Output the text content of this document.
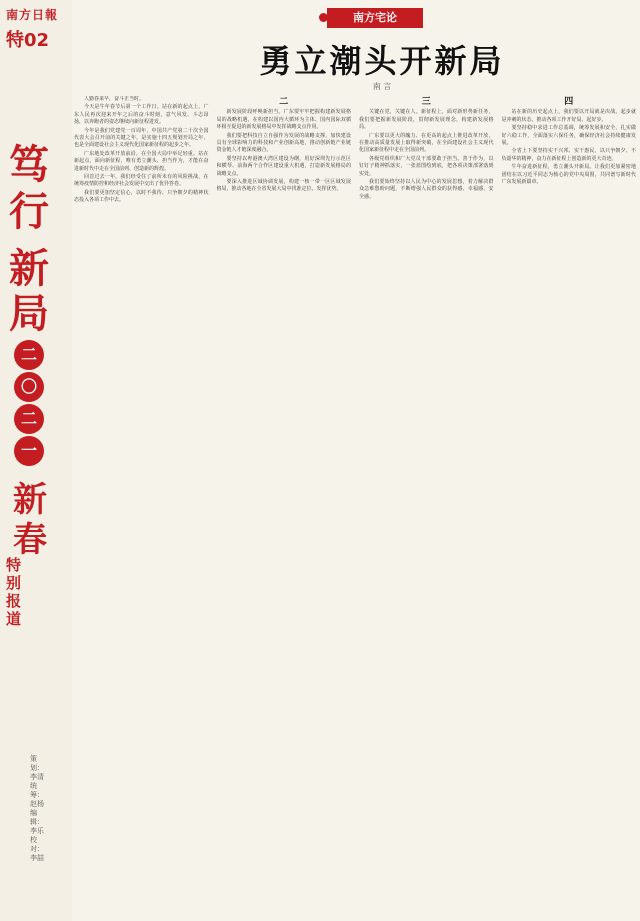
南方日報
特02
笃
行
新
局
二
〇
二
一
新
春
特别报道
策划：李清 统筹：赵杨 编辑：李乐 校对：李喆
南方宅论
勇立潮头开新局
南 言

人勤春来早，奋斗正当时。

今天是牛年春节后第一个工作日。站在新的起点上，广东人民再次迎来开年之后的奋斗时刻，意气风发、斗志昂扬，以奔跑者的姿态继续向新征程进发。

今年是我们党建党一百周年，中国共产党第二十次全国代表大会召开前的关键之年，是实施十四五规划开局之年，也是全面建设社会主义现代化国家新征程的起步之年。

广东地处改革开放前沿，在全国大局中举足轻重。站在新起点，面向新征程，唯有勇立潮头、担当作为，才能在奋进新时代中走在全国前列、创造新的辉煌。

回首过去一年，我们经受住了前所未有的风险挑战，在统筹疫情防控和经济社会发展中交出了优异答卷。

我们要更加坚定信心，以时不我待、只争朝夕的精神状态投入各项工作中去。

二

新发展阶段呼唤新担当。广东要牢牢把握构建新发展格局的战略机遇，在构建以国内大循环为主体、国内国际双循环相互促进的新发展格局中发挥战略支点作用。

我们要把科技自立自强作为发展的战略支撑，加快建设具有全球影响力的科技和产业创新高地，推动创新链产业链资金链人才链深度融合。

要坚持以粤港澳大湾区建设为纲，用好深圳先行示范区和横琴、前海两个合作区建设重大机遇，打造新发展格局的战略支点。

要深入推进区域协调发展，构建一核一带一区区域发展格局，推动各地在全省发展大局中找准定位、发挥优势。

三

关键在党，关键在人。新征程上，面对新形势新任务，我们要把握新发展阶段，贯彻新发展理念，构建新发展格局。

广东要以更大的魄力、在更高的起点上推进改革开放，在推动高质量发展上取得新突破，在全面建设社会主义现代化国家新征程中走在全国前列。

各级党组织和广大党员干部要敢于担当、善于作为，以钉钉子精神抓落实，一张蓝图绘到底，把各项决策部署落到实处。

我们要始终坚持以人民为中心的发展思想，着力解决群众急难愁盼问题，不断增强人民群众的获得感、幸福感、安全感。

四

站在新的历史起点上，我们要以开局就是决战、起步就是冲刺的状态，推动各项工作开好局、起好步。

要坚持稳中求进工作总基调，统筹发展和安全，扎实做好六稳工作，全面落实六保任务，确保经济社会持续健康发展。

全省上下要坚持实干兴邦、实干惠民，以只争朝夕、不负韶华的精神，奋力在新征程上创造新的更大奇迹。

牛年奋进新征程，勇立潮头开新局。让我们更加紧密地团结在以习近平同志为核心的党中央周围，共同谱写新时代广东发展新篇章。
